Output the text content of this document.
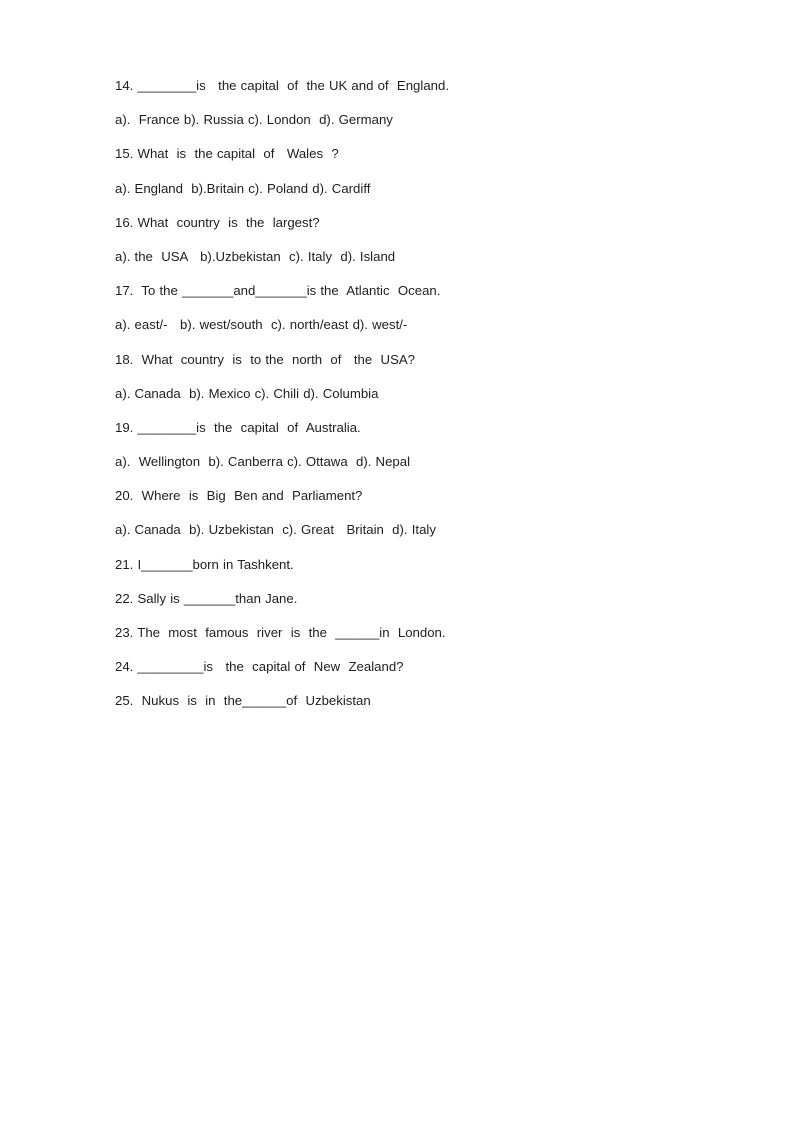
14. ________is   the capital  of  the UK and of  England.
a).  France b). Russia c). London  d). Germany
15. What  is  the capital  of   Wales  ?
a). England  b).Britain c). Poland d). Cardiff
16. What  country  is  the  largest?
a). the  USA   b).Uzbekistan  c). Italy  d). Island
17.  To the _______and_______is the  Atlantic  Ocean.
a). east/-   b). west/south  c). north/east d). west/-
18.  What  country  is  to the  north  of   the  USA?
a). Canada  b). Mexico c). Chili d). Columbia
19. ________is  the  capital  of  Australia.
a).  Wellington  b). Canberra c). Ottawa  d). Nepal
20.  Where  is  Big  Ben and  Parliament?
a). Canada  b). Uzbekistan  c). Great   Britain  d). Italy
21. I_______born in Tashkent.
22. Sally is _______than Jane.
23. The  most  famous  river  is  the  ______in  London.
24. _________is   the  capital of  New  Zealand?
25.  Nukus  is  in  the______of  Uzbekistan
